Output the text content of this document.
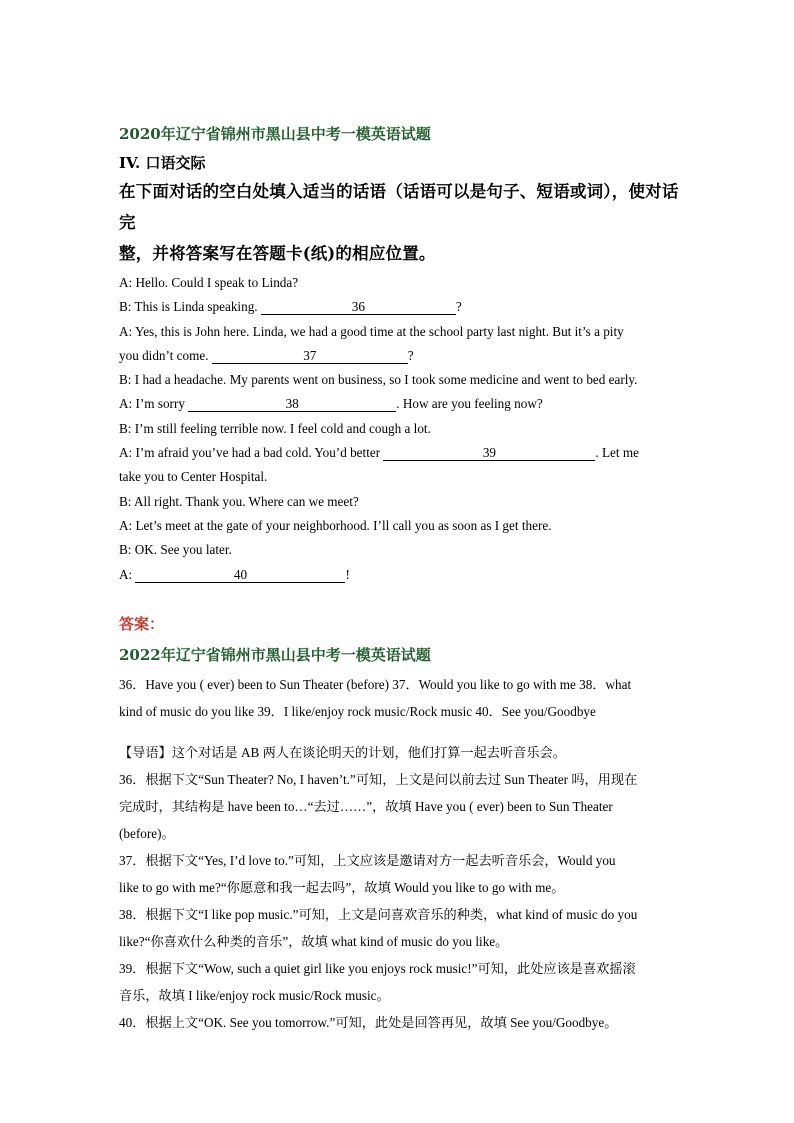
2020年辽宁省锦州市黑山县中考一模英语试题
IV. 口语交际
在下面对话的空白处填入适当的话语（话语可以是句子、短语或词），使对话完
整，并将答案写在答题卡(纸)的相应位置。
A: Hello. Could I speak to Linda?
B: This is Linda speaking.	36	?
A: Yes, this is John here. Linda, we had a good time at the school party last night. But it’s a pity
you didn’t come.	37	?
B: I had a headache. My parents went on business, so I took some medicine and went to bed early.
A: I’m sorry	38	. How are you feeling now?
B: I’m still feeling terrible now. I feel cold and cough a lot.
A: I’m afraid you’ve had a bad cold. You’d better	39	. Let me
take you to Center Hospital.
B: All right. Thank you. Where can we meet?
A: Let’s meet at the gate of your neighborhood. I’ll call you as soon as I get there.
B: OK. See you later.
A:	40	!
答案：
2022年辽宁省锦州市黑山县中考一模英语试题
36．Have you ( ever) been to Sun Theater (before) 37．Would you like to go with me 38．what
kind of music do you like 39．I like/enjoy rock music/Rock music 40．See you/Goodbye
【导语】这个对话是 AB 两人在谈论明天的计划，他们打算一起去听音乐会。
36．根据下文“Sun Theater? No, I haven’t.”可知，上文是问以前去过 Sun Theater 吗，用现在
完成时，其结构是 have been to…“去过……”，故填 Have you ( ever) been to Sun Theater
(before)。
37．根据下文“Yes, I’d love to.”可知，上文应该是邀请对方一起去听音乐会，Would you
like to go with me?“你愿意和我一起去吗”，故填 Would you like to go with me。
38．根据下文“I like pop music.”可知，上文是问喜欢音乐的种类，what kind of music do you
like?“你喜欢什么种类的音乐”，故填 what kind of music do you like。
39．根据下文“Wow, such a quiet girl like you enjoys rock music!”可知，此处应该是喜欢摇滚
音乐，故填 I like/enjoy rock music/Rock music。
40．根据上文“OK. See you tomorrow.”可知，此处是回答再见，故填 See you/Goodbye。
